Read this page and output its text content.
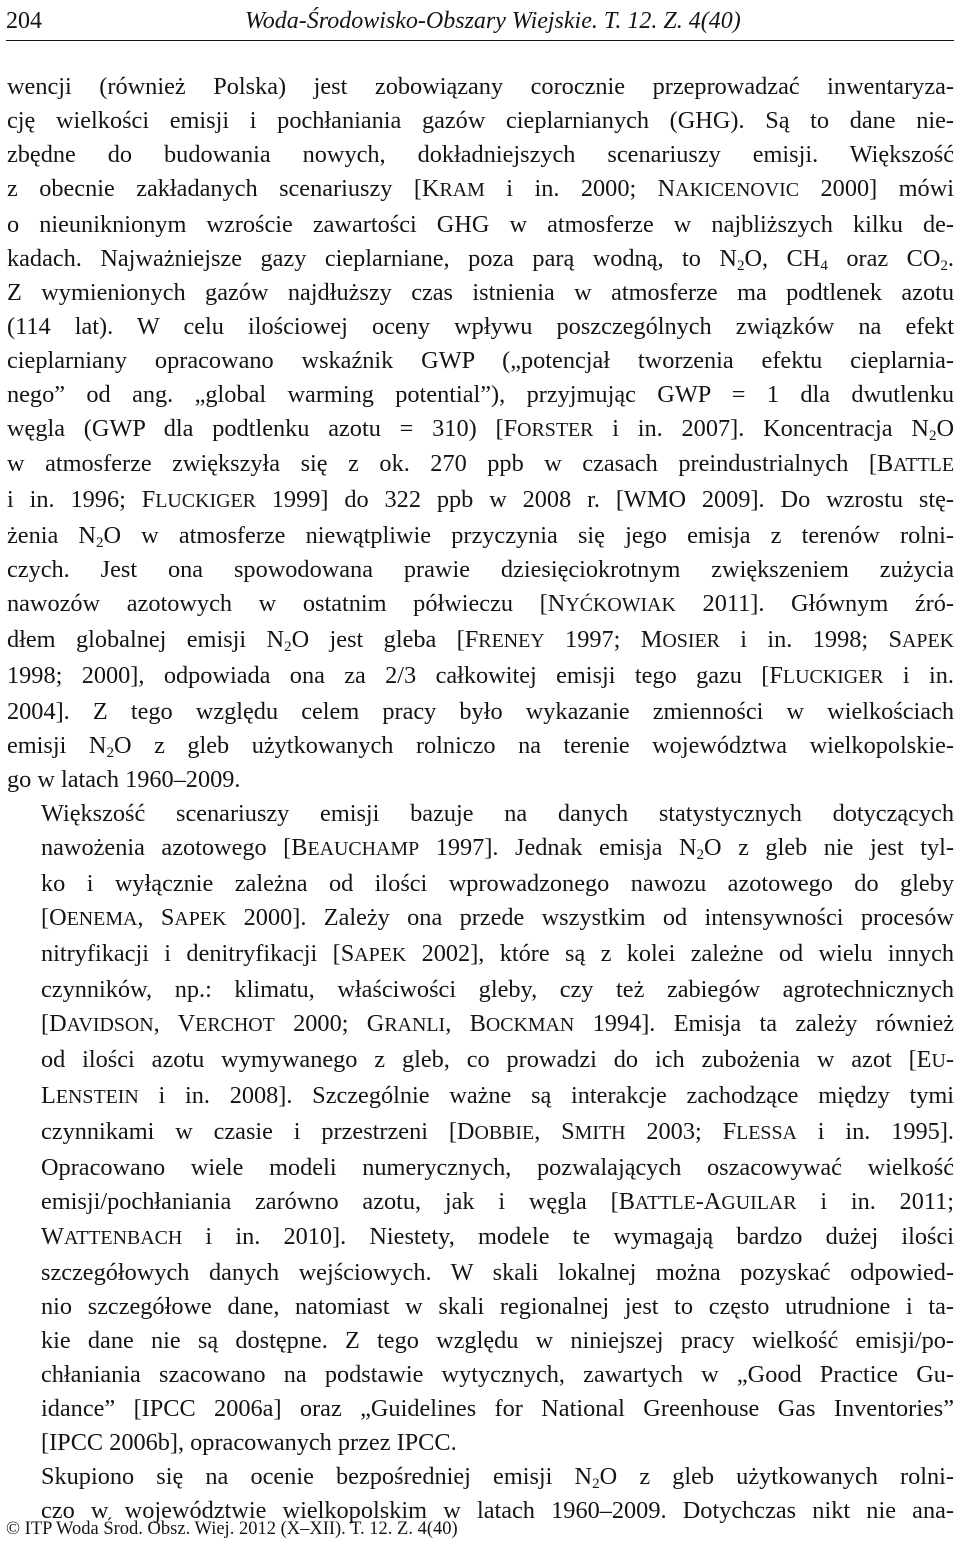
204	Woda-Środowisko-Obszary Wiejskie. T. 12. Z. 4(40)
wencji (również Polska) jest zobowiązany corocznie przeprowadzać inwentaryza-
cję wielkości emisji i pochłaniania gazów cieplarnianych (GHG). Są to dane nie-
zbędne do budowania nowych, dokładniejszych scenariuszy emisji. Większość
z obecnie zakładanych scenariuszy [KRAM i in. 2000; NAKICENOVIC 2000] mówi
o nieuniknionym wzroście zawartości GHG w atmosferze w najbliższych kilku de-
kadach. Najważniejsze gazy cieplarniane, poza parą wodną, to $N_2O$, $CH_4$ oraz $CO_2$.
Z wymienionych gazów najdłuższy czas istnienia w atmosferze ma podtlenek azotu
(114 lat). W celu ilościowej oceny wpływu poszczególnych związków na efekt
cieplarniany opracowano wskaźnik GWP („potencjał tworzenia efektu cieplarnia-
nego” od ang. „global warming potential”), przyjmując GWP = 1 dla dwutlenku
węgla (GWP dla podtlenku azotu = 310) [FORSTER i in. 2007]. Koncentracja $N_2O$
w atmosferze zwiększyła się z ok. 270 ppb w czasach preindustrialnych [BATTLE
i in. 1996; FLUCKIGER 1999] do 322 ppb w 2008 r. [WMO 2009]. Do wzrostu stę-
żenia $N_2O$ w atmosferze niewątpliwie przyczynia się jego emisja z terenów rolni-
czych. Jest ona spowodowana prawie dziesięciokrotnym zwiększeniem zużycia
nawozów azotowych w ostatnim półwieczu [NYĆKOWIAK 2011]. Głównym źró-
dłem globalnej emisji $N_2O$ jest gleba [FRENEY 1997; MOSIER i in. 1998; SAPEK
1998; 2000], odpowiada ona za 2/3 całkowitej emisji tego gazu [FLUCKIGER i in.
2004]. Z tego względu celem pracy było wykazanie zmienności w wielkościach
emisji $N_2O$ z gleb użytkowanych rolniczo na terenie województwa wielkopolskie-
go w latach 1960–2009.
Większość scenariuszy emisji bazuje na danych statystycznych dotyczących
nawożenia azotowego [BEAUCHAMP 1997]. Jednak emisja $N_2O$ z gleb nie jest tyl-
ko i wyłącznie zależna od ilości wprowadzonego nawozu azotowego do gleby
[OENEMA, SAPEK 2000]. Zależy ona przede wszystkim od intensywności procesów
nitryfikacji i denitryfikacji [SAPEK 2002], które są z kolei zależne od wielu innych
czynników, np.: klimatu, właściwości gleby, czy też zabiegów agrotechnicznych
[DAVIDSON, VERCHOT 2000; GRANLI, BOCKMAN 1994]. Emisja ta zależy również
od ilości azotu wymywanego z gleb, co prowadzi do ich zubożenia w azot [EU-
LENSTEIN i in. 2008]. Szczególnie ważne są interakcje zachodzące między tymi
czynnikami w czasie i przestrzeni [DOBBIE, SMITH 2003; FLESSA i in. 1995].
Opracowano wiele modeli numerycznych, pozwalających oszacowywać wielkość
emisji/pochłaniania zarówno azotu, jak i węgla [BATTLE-AGUILAR i in. 2011;
WATTENBACH i in. 2010]. Niestety, modele te wymagają bardzo dużej ilości
szczegółowych danych wejściowych. W skali lokalnej można pozyskać odpowied-
nio szczegółowe dane, natomiast w skali regionalnej jest to często utrudnione i ta-
kie dane nie są dostępne. Z tego względu w niniejszej pracy wielkość emisji/po-
chłaniania szacowano na podstawie wytycznych, zawartych w „Good Practice Gu-
idance” [IPCC 2006a] oraz „Guidelines for National Greenhouse Gas Inventories”
[IPCC 2006b], opracowanych przez IPCC.
Skupiono się na ocenie bezpośredniej emisji $N_2O$ z gleb użytkowanych rolni-
czo w województwie wielkopolskim w latach 1960–2009. Dotychczas nikt nie ana-
© ITP Woda Środ. Obsz. Wiej. 2012 (X–XII). T. 12. Z. 4(40)
